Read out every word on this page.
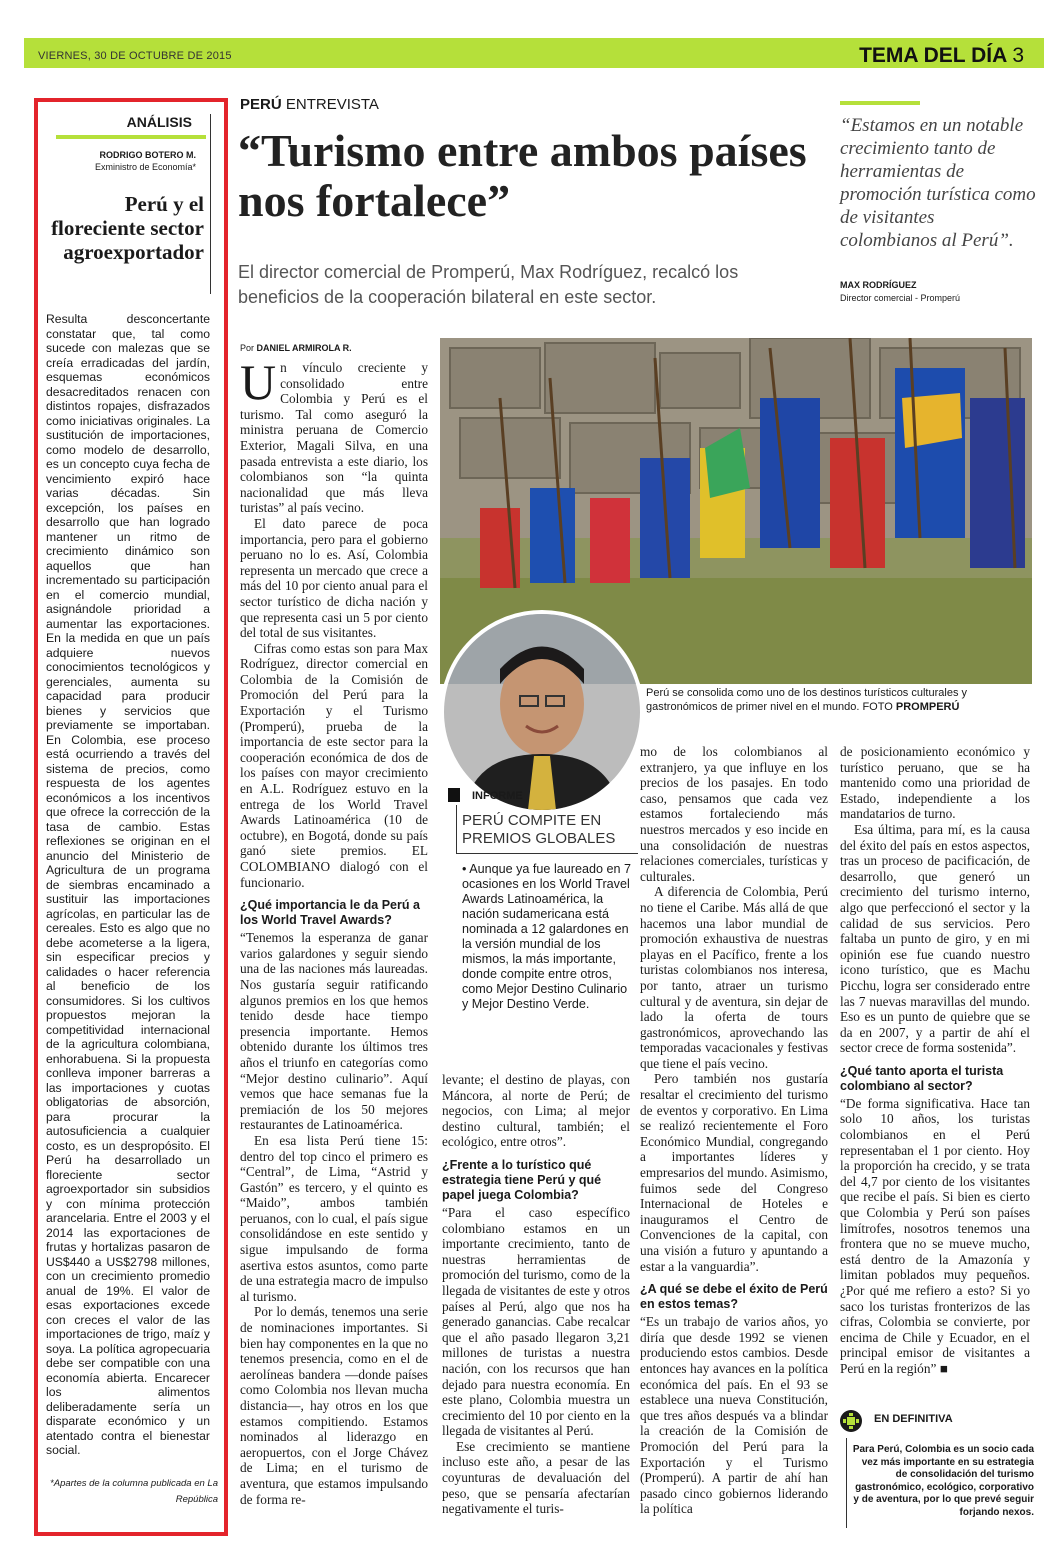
VIERNES, 30 DE OCTUBRE DE 2015	TEMA DEL DÍA 3
ANÁLISIS
RODRIGO BOTERO M.
Exministro de Economía*
Perú y el floreciente sector agroexportador
Resulta desconcertante constatar que, tal como sucede con malezas que se creía erradicadas del jardín, esquemas económicos desacreditados renacen con distintos ropajes, disfrazados como iniciativas originales. La sustitución de importaciones, como modelo de desarrollo, es un concepto cuya fecha de vencimiento expiró hace varias décadas. Sin excepción, los países en desarrollo que han logrado mantener un ritmo de crecimiento dinámico son aquellos que han incrementado su participación en el comercio mundial, asignándole prioridad a aumentar las exportaciones. En la medida en que un país adquiere nuevos conocimientos tecnológicos y gerenciales, aumenta su capacidad para producir bienes y servicios que previamente se importaban. En Colombia, ese proceso está ocurriendo a través del sistema de precios, como respuesta de los agentes económicos a los incentivos que ofrece la corrección de la tasa de cambio. Estas reflexiones se originan en el anuncio del Ministerio de Agricultura de un programa de siembras encaminado a sustituir las importaciones agrícolas, en particular las de cereales. Esto es algo que no debe acometerse a la ligera, sin especificar precios y calidades o hacer referencia al beneficio de los consumidores. Si los cultivos propuestos mejoran la competitividad internacional de la agricultura colombiana, enhorabuena. Si la propuesta conlleva imponer barreras a las importaciones y cuotas obligatorias de absorción, para procurar la autosuficiencia a cualquier costo, es un despropósito. El Perú ha desarrollado un floreciente sector agroexportador sin subsidios y con mínima protección arancelaria. Entre el 2003 y el 2014 las exportaciones de frutas y hortalizas pasaron de US$440 a US$2798 millones, con un crecimiento promedio anual de 19%. El valor de esas exportaciones excede con creces el valor de las importaciones de trigo, maíz y soya. La política agropecuaria debe ser compatible con una economía abierta. Encarecer los alimentos deliberadamente sería un disparate económico y un atentado contra el bienestar social.
*Apartes de la columna publicada en La República
PERÚ ENTREVISTA
“Turismo entre ambos países nos fortalece”
El director comercial de Promperú, Max Rodríguez, recalcó los beneficios de la cooperación bilateral en este sector.
“Estamos en un notable crecimiento tanto de herramientas de promoción turística como de visitantes colombianos al Perú”.
MAX RODRÍGUEZ
Director comercial - Promperú
Por DANIEL ARMIROLA R.

Un vínculo creciente y consolidado entre Colombia y Perú es el turismo. Tal como aseguró la ministra peruana de Comercio Exterior, Magali Silva, en una pasada entrevista a este diario, los colombianos son “la quinta nacionalidad que más lleva turistas” al país vecino.

El dato parece de poca importancia, pero para el gobierno peruano no lo es. Así, Colombia representa un mercado que crece a más del 10 por ciento anual para el sector turístico de dicha nación y que representa casi un 5 por ciento del total de sus visitantes.

Cifras como estas son para Max Rodríguez, director comercial en Colombia de la Comisión de Promoción del Perú para la Exportación y el Turismo (Promperú), prueba de la importancia de este sector para la cooperación económica de dos de los países con mayor crecimiento en A.L. Rodríguez estuvo en la entrega de los World Travel Awards Latinoamérica (10 de octubre), en Bogotá, donde su país ganó siete premios. EL COLOMBIANO dialogó con el funcionario.

¿Qué importancia le da Perú a los World Travel Awards?

“Tenemos la esperanza de ganar varios galardones y seguir siendo una de las naciones más laureadas. Nos gustaría seguir ratificando algunos premios en los que hemos tenido desde hace tiempo presencia importante. Hemos obtenido durante los últimos tres años el triunfo en categorías como “Mejor destino culinario”. Aquí vemos que hace semanas fue la premiación de los 50 mejores restaurantes de Latinoamérica.

En esa lista Perú tiene 15: dentro del top cinco el primero es “Central”, de Lima, “Astrid y Gastón” es tercero, y el quinto es “Maido”, ambos también peruanos, con lo cual, el país sigue consolidándose en este sentido y sigue impulsando de forma asertiva estos asuntos, como parte de una estrategia macro de impulso al turismo.

Por lo demás, tenemos una serie de nominaciones importantes. Si bien hay componentes en la que no tenemos presencia, como en el de aerolíneas bandera —donde países como Colombia nos llevan mucha distancia—, hay otros en los que estamos compitiendo. Estamos nominados al liderazgo en aeropuertos, con el Jorge Chávez de Lima; en el turismo de aventura, que estamos impulsando de forma re-

Perú se consolida como uno de los destinos turísticos culturales y gastronómicos de primer nivel en el mundo. FOTO PROMPERÚ
INFORME
PERÚ COMPITE EN PREMIOS GLOBALES
• Aunque ya fue laureado en 7 ocasiones en los World Travel Awards Latinoamérica, la nación sudamericana está nominada a 12 galardones en la versión mundial de los mismos, la más importante, donde compite entre otros, como Mejor Destino Culinario y Mejor Destino Verde.

levante; el destino de playas, con Máncora, al norte de Perú; de negocios, con Lima; al mejor destino cultural, también; el ecológico, entre otros”.

¿Frente a lo turístico qué estrategia tiene Perú y qué papel juega Colombia?

“Para el caso específico colombiano estamos en un importante crecimiento, tanto de nuestras herramientas de promoción del turismo, como de la llegada de visitantes de este y otros países al Perú, algo que nos ha generado ganancias. Cabe recalcar que el año pasado llegaron 3,21 millones de turistas a nuestra nación, con los recursos que han dejado para nuestra economía. En este plano, Colombia muestra un crecimiento del 10 por ciento en la llegada de visitantes al Perú.

Ese crecimiento se mantiene incluso este año, a pesar de las coyunturas de devaluación del peso, que se pensaría afectarían negativamente el turis-

mo de los colombianos al extranjero, ya que influye en los precios de los pasajes. En todo caso, pensamos que cada vez estamos fortaleciendo más nuestros mercados y eso incide en una consolidación de nuestras relaciones comerciales, turísticas y culturales.

A diferencia de Colombia, Perú no tiene el Caribe. Más allá de que hacemos una labor mundial de promoción exhaustiva de nuestras playas en el Pacífico, frente a los turistas colombianos nos interesa, por tanto, atraer un turismo cultural y de aventura, sin dejar de lado la oferta de tours gastronómicos, aprovechando las temporadas vacacionales y festivas que tiene el país vecino.

Pero también nos gustaría resaltar el crecimiento del turismo de eventos y corporativo. En Lima se realizó recientemente el Foro Económico Mundial, congregando a importantes líderes y empresarios del mundo. Asimismo, fuimos sede del Congreso Internacional de Hoteles e inauguramos el Centro de Convenciones de la capital, con una visión a futuro y apuntando a estar a la vanguardia”.

¿A qué se debe el éxito de Perú en estos temas?

“Es un trabajo de varios años, yo diría que desde 1992 se vienen produciendo estos cambios. Desde entonces hay avances en la política económica del país. En el 93 se establece una nueva Constitución, que tres años después va a blindar la creación de la Comisión de Promoción del Perú para la Exportación y el Turismo (Promperú). A partir de ahí han pasado cinco gobiernos liderando la política

de posicionamiento económico y turístico peruano, que se ha mantenido como una prioridad de Estado, independiente a los mandatarios de turno.

Esa última, para mí, es la causa del éxito del país en estos aspectos, tras un proceso de pacificación, de desarrollo, que generó un crecimiento del turismo interno, algo que perfeccionó el sector y la calidad de sus servicios. Pero faltaba un punto de giro, y en mi opinión ese fue cuando nuestro icono turístico, que es Machu Picchu, logra ser considerado entre las 7 nuevas maravillas del mundo. Eso es un punto de quiebre que se da en 2007, y a partir de ahí el sector crece de forma sostenida”.

¿Qué tanto aporta el turista colombiano al sector?

“De forma significativa. Hace tan solo 10 años, los turistas colombianos en el Perú representaban el 1 por ciento. Hoy la proporción ha crecido, y se trata del 4,7 por ciento de los visitantes que recibe el país. Si bien es cierto que Colombia y Perú son países limítrofes, nosotros tenemos una frontera que no se mueve mucho, está dentro de la Amazonía y limitan poblados muy pequeños. ¿Por qué me refiero a esto? Si yo saco los turistas fronterizos de las cifras, Colombia se convierte, por encima de Chile y Ecuador, en el principal emisor de visitantes a Perú en la región” ■

EN DEFINITIVA
Para Perú, Colombia es un socio cada vez más importante en su estrategia de consolidación del turismo gastronómico, ecológico, corporativo y de aventura, por lo que prevé seguir forjando nexos.
